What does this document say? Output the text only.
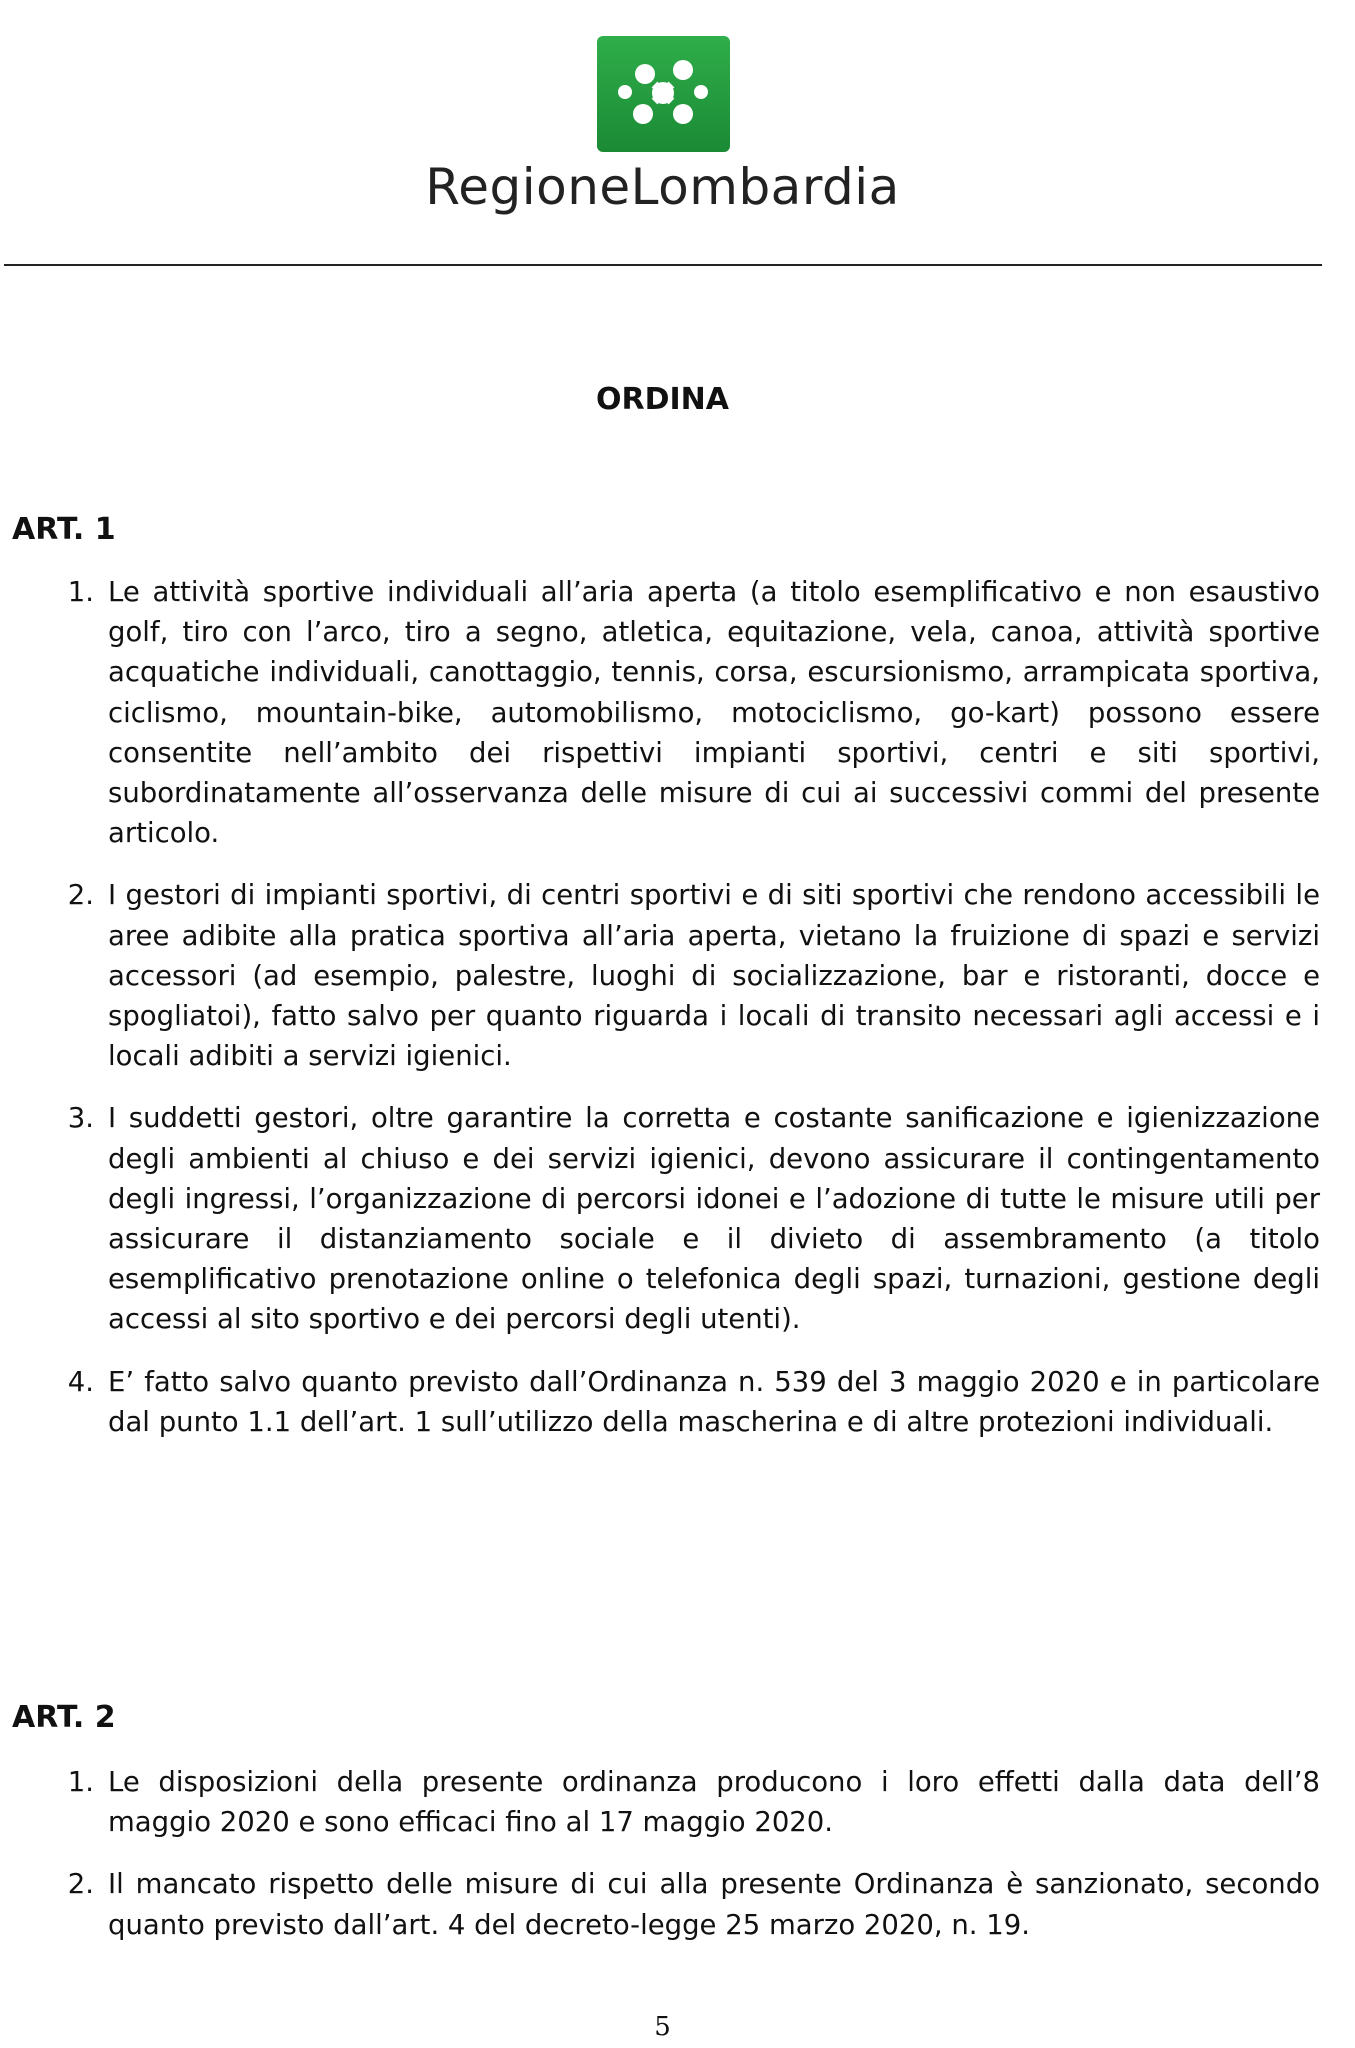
RegioneLombardia
ORDINA
ART. 1
1. Le attività sportive individuali all’aria aperta (a titolo esemplificativo e non esaustivo golf, tiro con l’arco, tiro a segno, atletica, equitazione, vela, canoa, attività sportive acquatiche individuali, canottaggio, tennis, corsa, escursionismo, arrampicata sportiva, ciclismo, mountain-bike, automobilismo, motociclismo, go-kart) possono essere consentite nell’ambito dei rispettivi impianti sportivi, centri e siti sportivi, subordinatamente all’osservanza delle misure di cui ai successivi commi del presente articolo.
2. I gestori di impianti sportivi, di centri sportivi e di siti sportivi che rendono accessibili le aree adibite alla pratica sportiva all’aria aperta, vietano la fruizione di spazi e servizi accessori (ad esempio, palestre, luoghi di socializzazione, bar e ristoranti, docce e spogliatoi), fatto salvo per quanto riguarda i locali di transito necessari agli accessi e i locali adibiti a servizi igienici.
3. I suddetti gestori, oltre garantire la corretta e costante sanificazione e igienizzazione degli ambienti al chiuso e dei servizi igienici, devono assicurare il contingentamento degli ingressi, l’organizzazione di percorsi idonei e l’adozione di tutte le misure utili per assicurare il distanziamento sociale e il divieto di assembramento (a titolo esemplificativo prenotazione online o telefonica degli spazi, turnazioni, gestione degli accessi al sito sportivo e dei percorsi degli utenti).
4. E’ fatto salvo quanto previsto dall’Ordinanza n. 539 del 3 maggio 2020 e in particolare dal punto 1.1 dell’art. 1 sull’utilizzo della mascherina e di altre protezioni individuali.
ART. 2
1. Le disposizioni della presente ordinanza producono i loro effetti dalla data dell’8 maggio 2020 e sono efficaci fino al 17 maggio 2020.
2. Il mancato rispetto delle misure di cui alla presente Ordinanza è sanzionato, secondo quanto previsto dall’art. 4 del decreto-legge 25 marzo 2020, n. 19.
5
